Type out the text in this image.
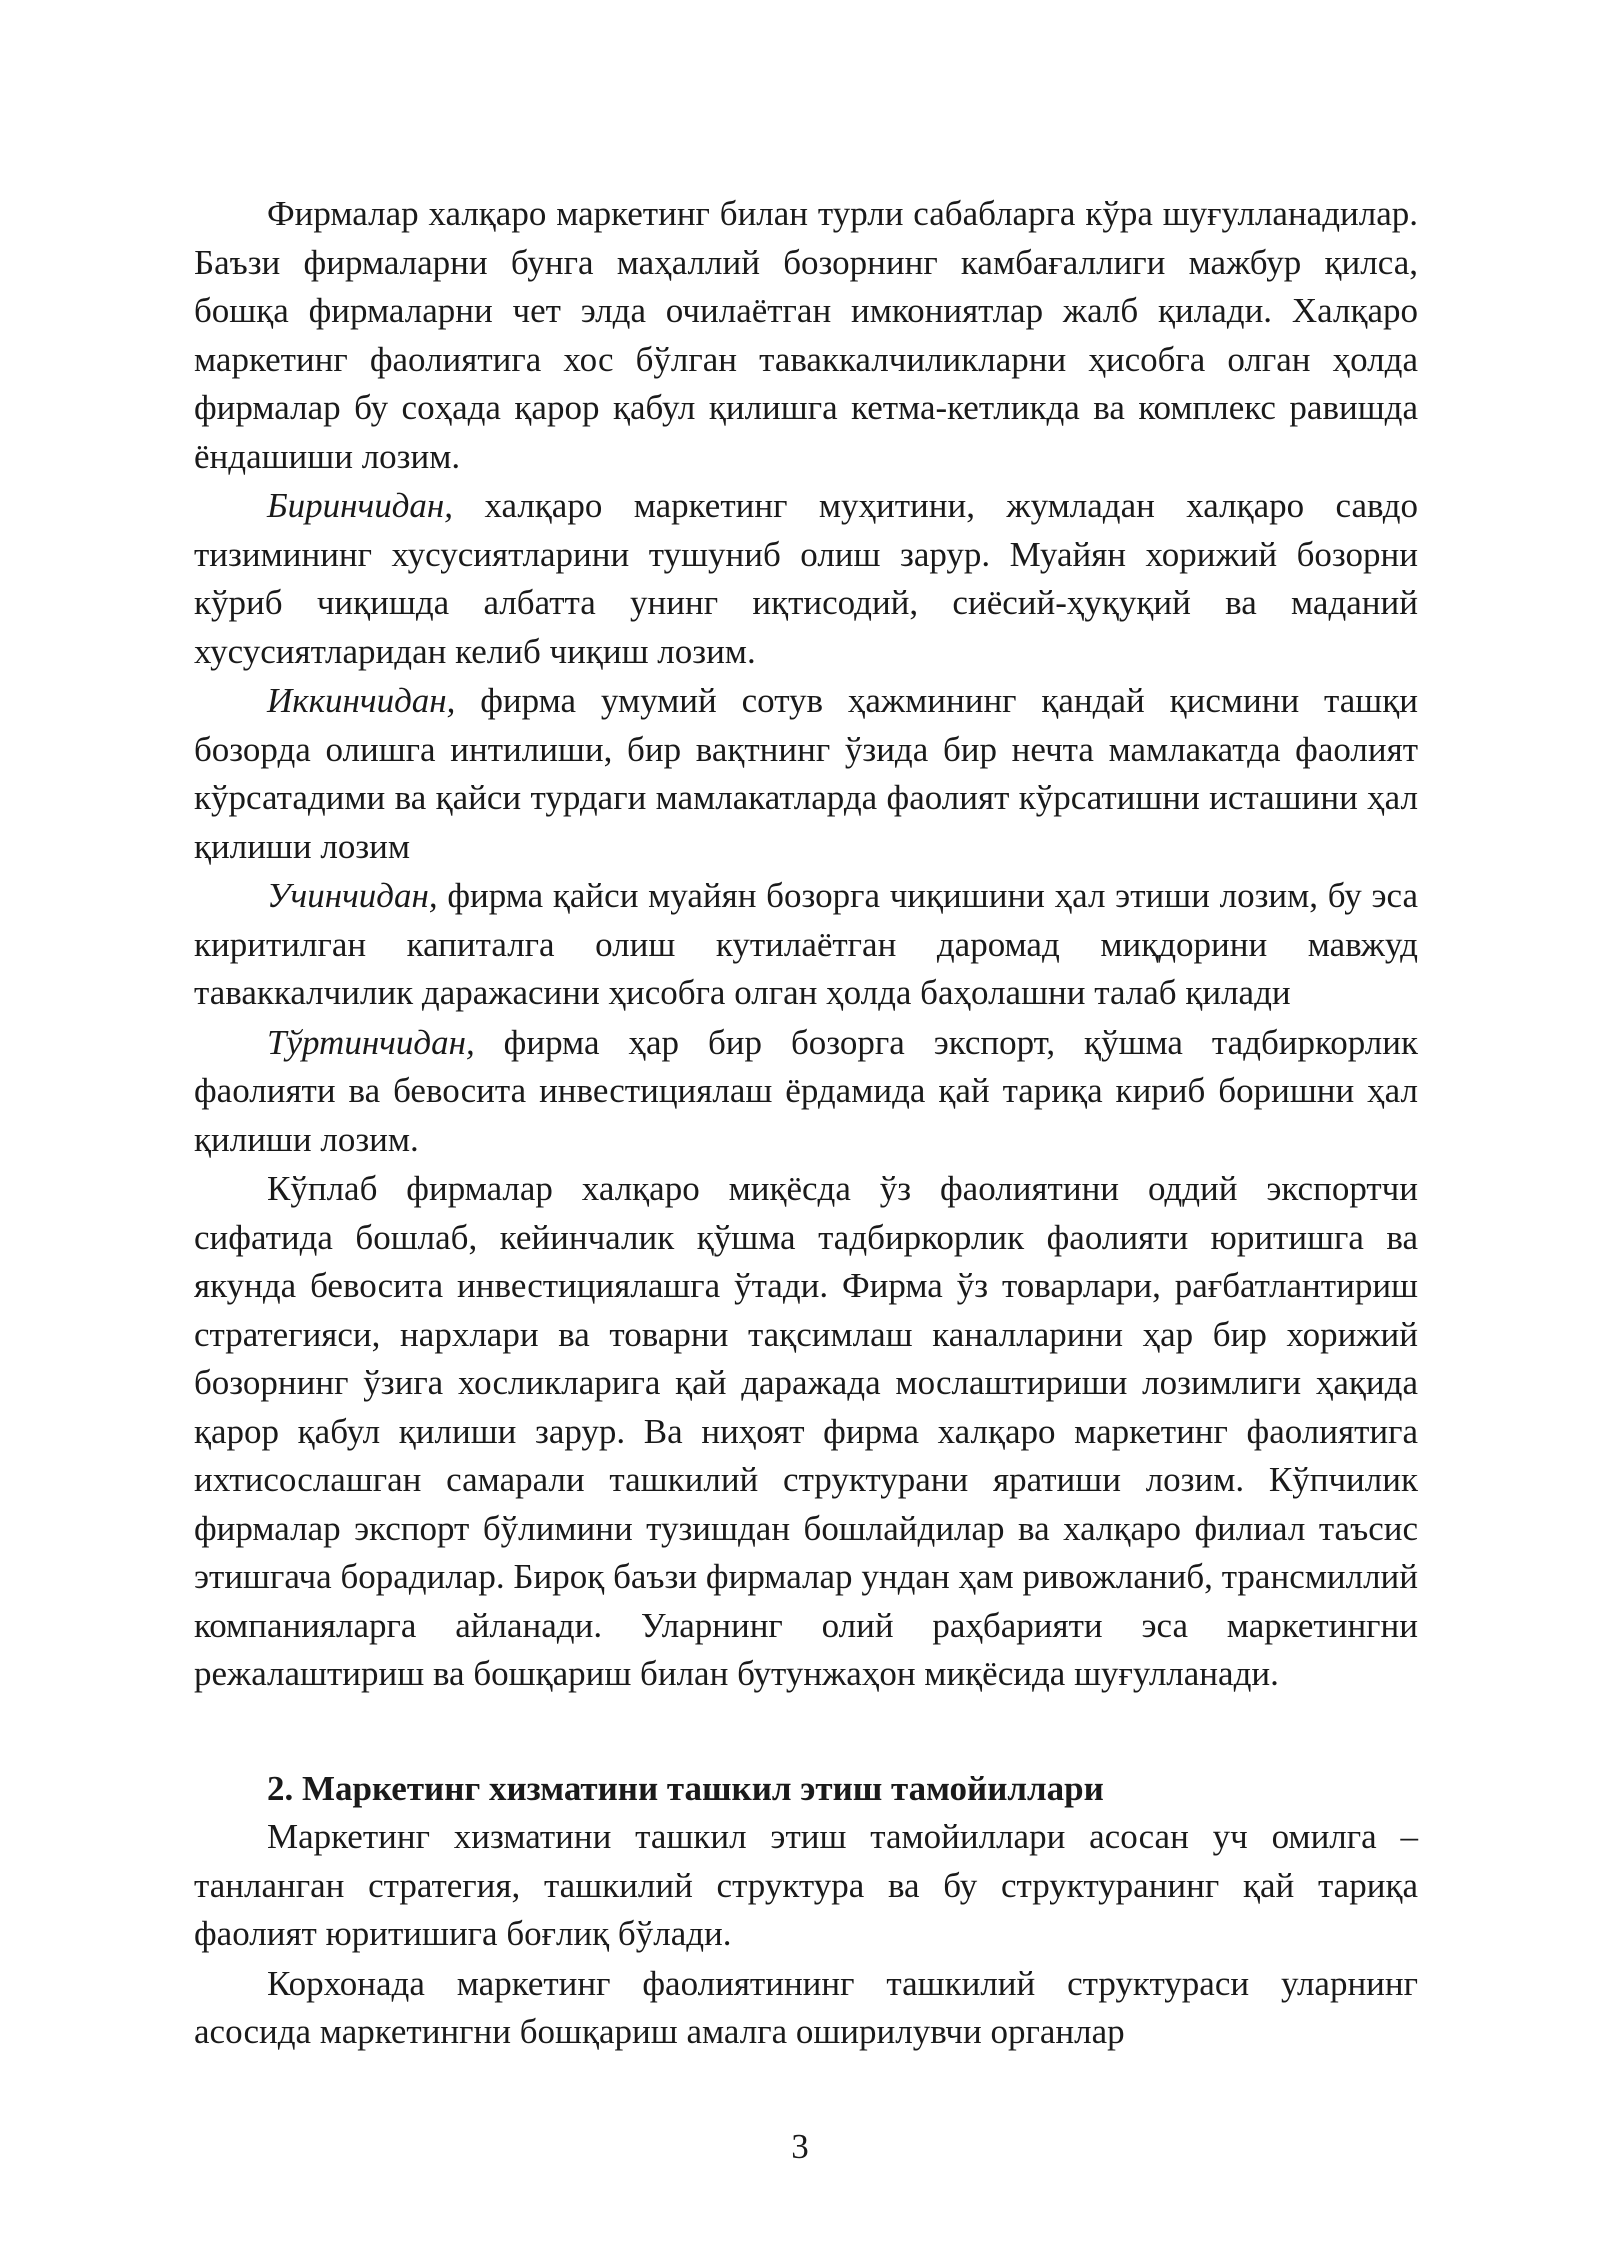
Фирмалар халқаро маркетинг билан турли сабабларга кўра шуғулланадилар. Баъзи фирмаларни бунга маҳаллий бозорнинг камбағаллиги мажбур қилса, бошқа фирмаларни чет элда очилаётган имкониятлар жалб қилади. Халқаро маркетинг фаолиятига хос бўлган таваккалчиликларни ҳисобга олган ҳолда фирмалар бу соҳада қарор қабул қилишга кетма-кетликда ва комплекс равишда ёндашиши лозим.

Биринчидан, халқаро маркетинг муҳитини, жумладан халқаро савдо тизимининг хусусиятларини тушуниб олиш зарур. Муайян хорижий бозорни кўриб чиқишда албатта унинг иқтисодий, сиёсий-ҳуқуқий ва маданий хусусиятларидан келиб чиқиш лозим.

Иккинчидан, фирма умумий сотув ҳажмининг қандай қисмини ташқи бозорда олишга интилиши, бир вақтнинг ўзида бир нечта мамлакатда фаолият кўрсатадими ва қайси турдаги мамлакатларда фаолият кўрсатишни исташини ҳал қилиши лозим

Учинчидан, фирма қайси муайян бозорга чиқишини ҳал этиши лозим, бу эса киритилган капиталга олиш кутилаётган даромад миқдорини мавжуд таваккалчилик даражасини ҳисобга олган ҳолда баҳолашни талаб қилади

Тўртинчидан, фирма ҳар бир бозорга экспорт, қўшма тадбиркорлик фаолияти ва бевосита инвестициялаш ёрдамида қай тариқа кириб боришни ҳал қилиши лозим.

Кўплаб фирмалар халқаро миқёсда ўз фаолиятини оддий экспортчи сифатида бошлаб, кейинчалик қўшма тадбиркорлик фаолияти юритишга ва якунда бевосита инвестициялашга ўтади. Фирма ўз товарлари, рағбатлантириш стратегияси, нархлари ва товарни тақсимлаш каналларини ҳар бир хорижий бозорнинг ўзига хосликларига қай даражада мослаштириши лозимлиги ҳақида қарор қабул қилиши зарур. Ва ниҳоят фирма халқаро маркетинг фаолиятига ихтисослашган самарали ташкилий структурани яратиши лозим. Кўпчилик фирмалар экспорт бўлимини тузишдан бошлайдилар ва халқаро филиал таъсис этишгача борадилар. Бироқ баъзи фирмалар ундан ҳам ривожланиб, трансмиллий компанияларга айланади. Уларнинг олий раҳбарияти эса маркетингни режалаштириш ва бошқариш билан бутунжаҳон миқёсида шуғулланади.

2. Маркетинг хизматини ташкил этиш тамойиллари

Маркетинг хизматини ташкил этиш тамойиллари асосан уч омилга – танланган стратегия, ташкилий структура ва бу структуранинг қай тариқа фаолият юритишига боғлиқ бўлади.

Корхонада маркетинг фаолиятининг ташкилий структураси уларнинг асосида маркетингни бошқариш амалга оширилувчи органлар

3
